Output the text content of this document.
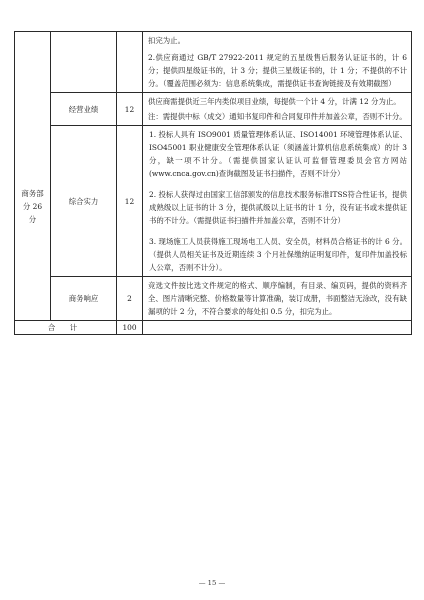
			扣完为止。

2.供应商通过 GB/T 27922-2011 规定的五星级售后服务认证证书的，计 6 分；提供四星级证书的，计 3 分；提供三星级证书的，计 1 分；不提供的不计分。（覆盖范围必须为：信息系统集成，需提供证书查询链接及有效期截图）

商务部分 26 分	经营业绩	12	供应商需提供近三年内类似项目业绩，每提供一个计 4 分，计满 12 分为止。

注：需提供中标（成交）通知书复印件和合同复印件并加盖公章，否则不计分。

	综合实力	12	1. 投标人具有 ISO9001 质量管理体系认证、ISO14001 环境管理体系认证、ISO45001 职业健康安全管理体系认证（须涵盖计算机信息系统集成）的计 3 分，缺一项不计分。（需提供国家认证认可监督管理委员会官方网站(www.cnca.gov.cn)查询截图及证书扫描件，否则不计分）

2. 投标人获得过由国家工信部颁发的信息技术服务标准ITSS符合性证书，提供成熟级以上证书的计 3 分，提供贰级以上证书的计 1 分，没有证书或未提供证书的不计分。（需提供证书扫描件并加盖公章，否则不计分）

3. 现场施工人员获得施工现场电工人员、安全员，材料员合格证书的计 6 分。（提供人员相关证书及近期连续 3 个月社保缴纳证明复印件，复印件加盖投标人公章，否则不计分）。

	商务响应	2	竞选文件按比选文件规定的格式、顺序编制，有目录、编页码，提供的资料齐全、图片清晰完整、价格数量等计算准确，装订成册，书面整洁无涂改，没有缺漏项的计 2 分，不符合要求的每处扣 0.5 分，扣完为止。

合 计		100	
— 15 —
